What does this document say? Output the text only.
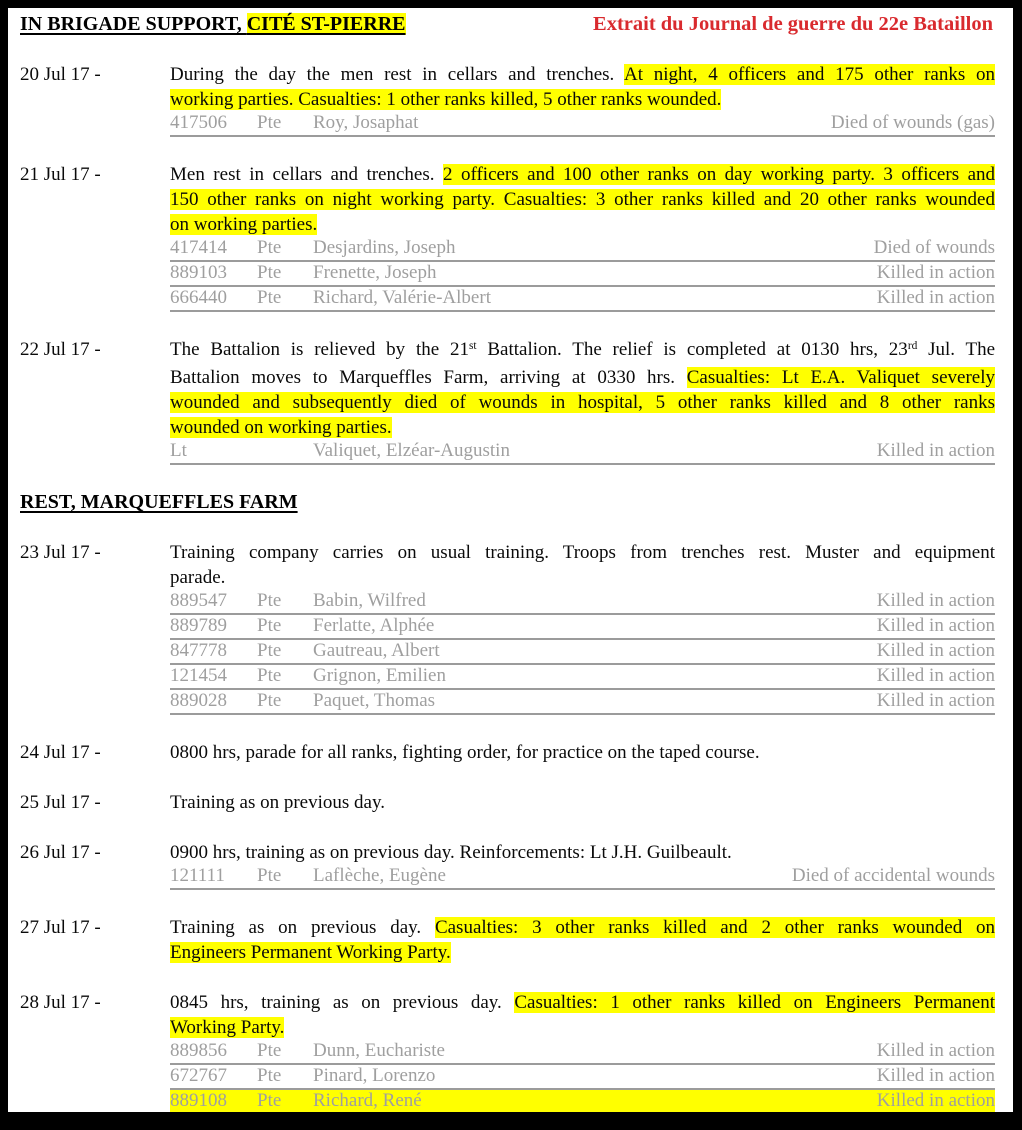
IN BRIGADE SUPPORT, CITÉ ST-PIERRE	Extrait du Journal de guerre du 22e Bataillon
20 Jul 17 -	During the day the men rest in cellars and trenches. At night, 4 officers and 175 other ranks on
working parties. Casualties: 1 other ranks killed, 5 other ranks wounded.
417506	Pte	Roy, Josaphat	Died of wounds (gas)
21 Jul 17 -	Men rest in cellars and trenches. 2 officers and 100 other ranks on day working party. 3 officers and
150 other ranks on night working party. Casualties: 3 other ranks killed and 20 other ranks wounded
on working parties.
417414	Pte	Desjardins, Joseph	Died of wounds
889103	Pte	Frenette, Joseph	Killed in action
666440	Pte	Richard, Valérie-Albert	Killed in action
22 Jul 17 -	The Battalion is relieved by the 21st Battalion. The relief is completed at 0130 hrs, 23rd Jul. The
Battalion moves to Marqueffles Farm, arriving at 0330 hrs. Casualties: Lt E.A. Valiquet severely
wounded and subsequently died of wounds in hospital, 5 other ranks killed and 8 other ranks
wounded on working parties.
Lt	Valiquet, Elzéar-Augustin	Killed in action
REST, MARQUEFFLES FARM
23 Jul 17 -	Training company carries on usual training. Troops from trenches rest. Muster and equipment
parade.
889547	Pte	Babin, Wilfred	Killed in action
889789	Pte	Ferlatte, Alphée	Killed in action
847778	Pte	Gautreau, Albert	Killed in action
121454	Pte	Grignon, Emilien	Killed in action
889028	Pte	Paquet, Thomas	Killed in action
24 Jul 17 -	0800 hrs, parade for all ranks, fighting order, for practice on the taped course.
25 Jul 17 -	Training as on previous day.
26 Jul 17 -	0900 hrs, training as on previous day. Reinforcements: Lt J.H. Guilbeault.
121111	Pte	Laflèche, Eugène	Died of accidental wounds
27 Jul 17 -	Training as on previous day. Casualties: 3 other ranks killed and 2 other ranks wounded on
Engineers Permanent Working Party.
28 Jul 17 -	0845 hrs, training as on previous day. Casualties: 1 other ranks killed on Engineers Permanent
Working Party.
889856	Pte	Dunn, Euchariste	Killed in action
672767	Pte	Pinard, Lorenzo	Killed in action
889108	Pte	Richard, René	Killed in action
